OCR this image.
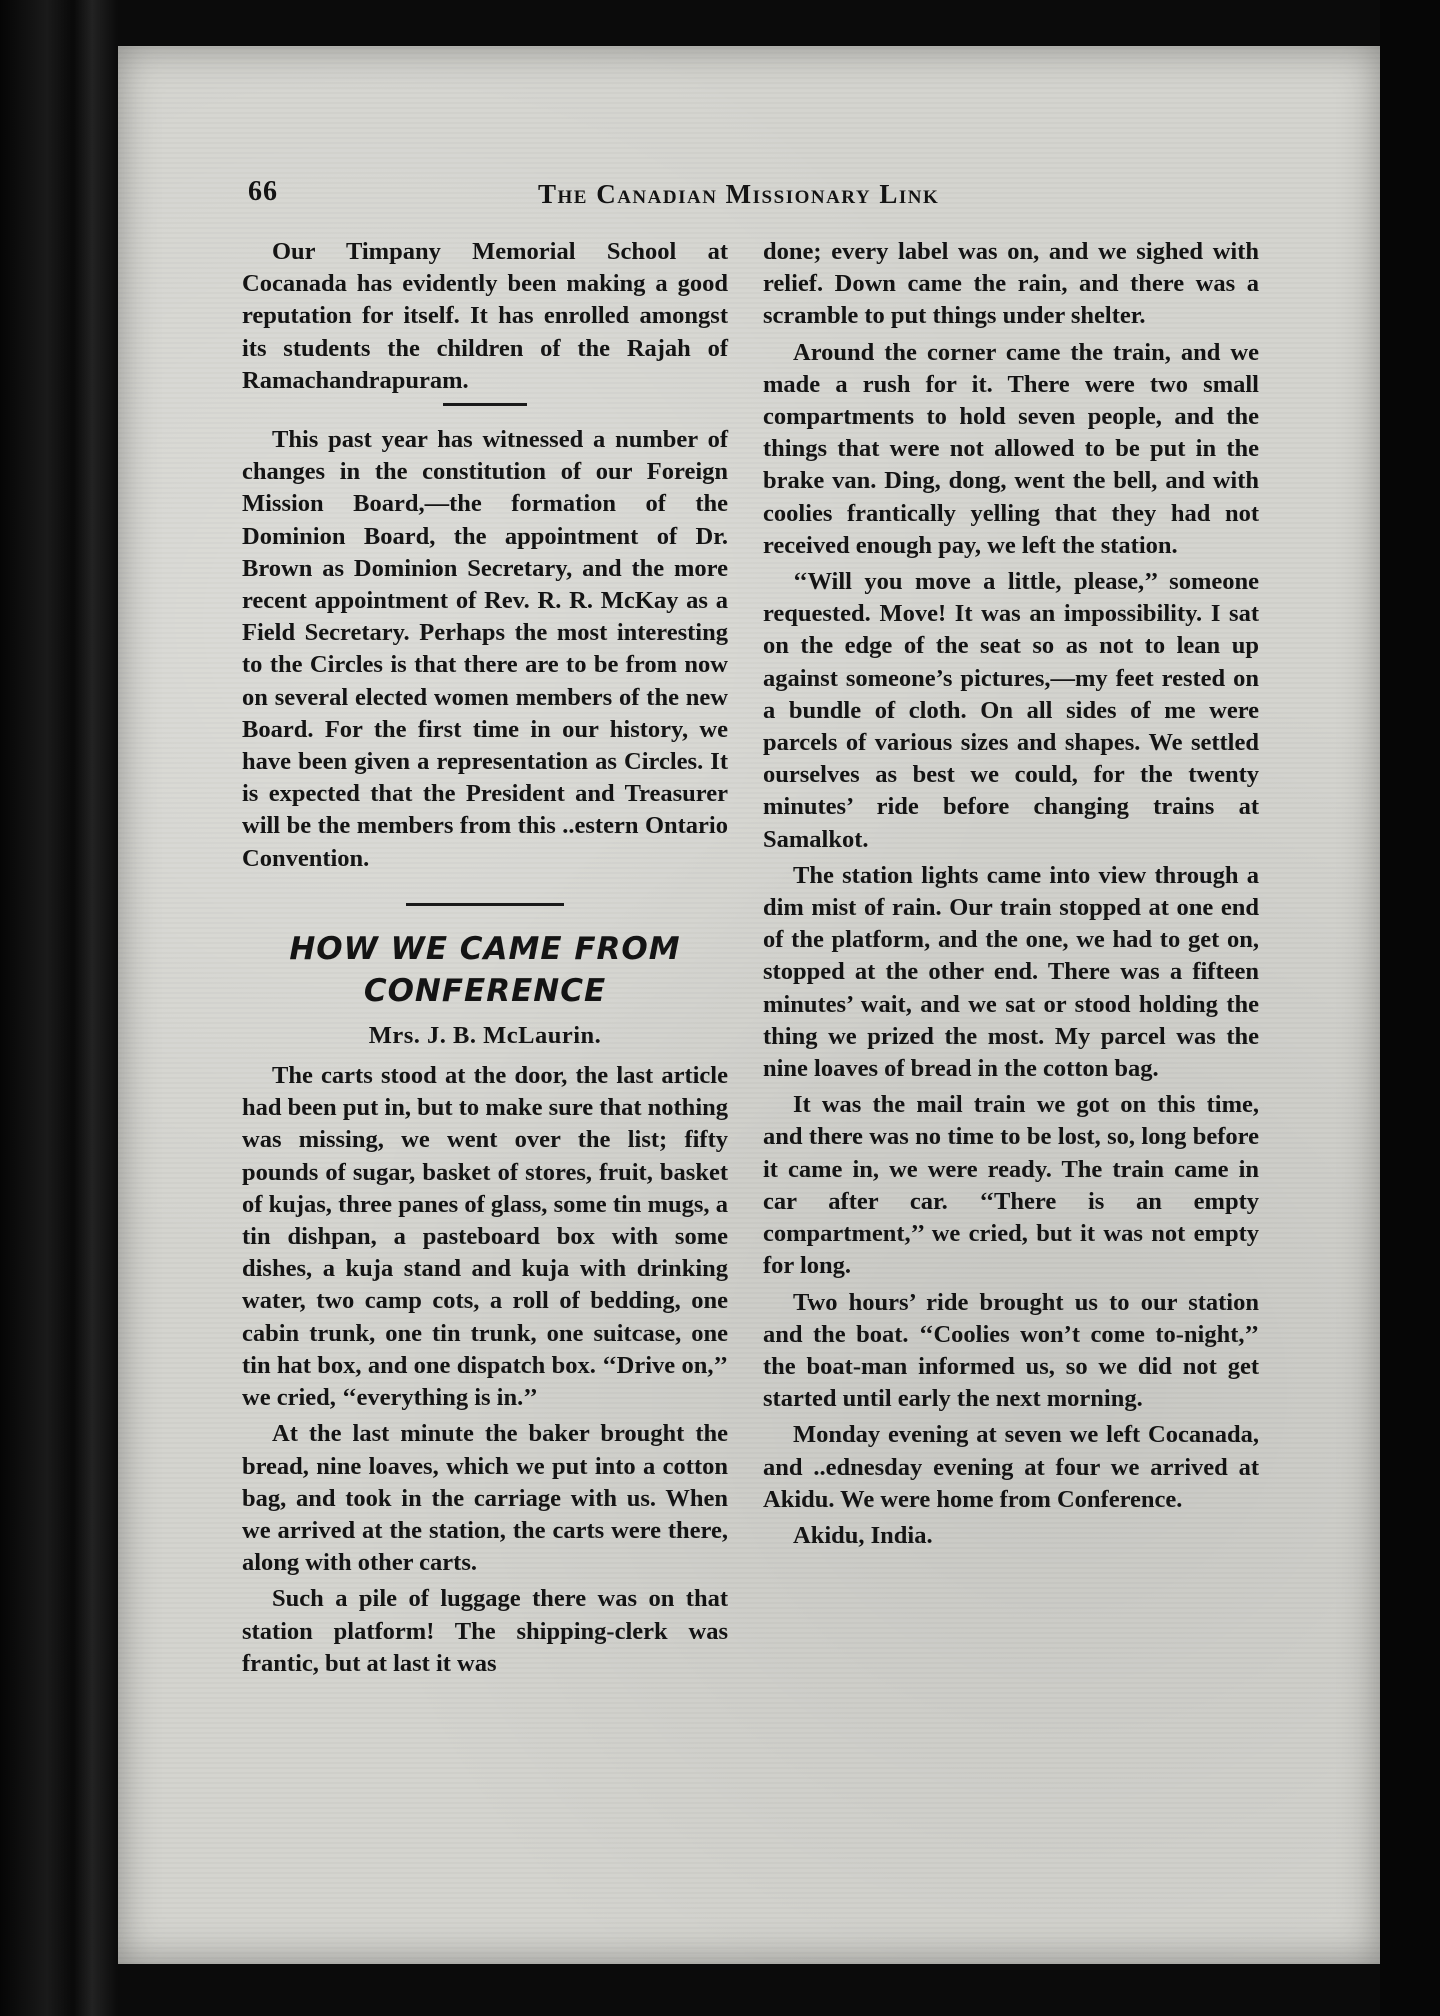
66	The Canadian Missionary Link

Our Timpany Memorial School at Cocanada has evidently been making a good reputation for itself. It has enrolled amongst its students the children of the Rajah of Ramachandrapuram.

This past year has witnessed a number of changes in the constitution of our Foreign Mission Board,—the formation of the Dominion Board, the appointment of Dr. Brown as Dominion Secretary, and the more recent appointment of Rev. R. R. McKay as a Field Secretary. Perhaps the most interesting to the Circles is that there are to be from now on several elected women members of the new Board. For the first time in our history, we have been given a representation as Circles. It is expected that the President and Treasurer will be the members from this ..estern Ontario Convention.

HOW WE CAME FROM
CONFERENCE
Mrs. J. B. McLaurin.

The carts stood at the door, the last article had been put in, but to make sure that nothing was missing, we went over the list; fifty pounds of sugar, basket of stores, fruit, basket of kujas, three panes of glass, some tin mugs, a tin dishpan, a pasteboard box with some dishes, a kuja stand and kuja with drinking water, two camp cots, a roll of bedding, one cabin trunk, one tin trunk, one suitcase, one tin hat box, and one dispatch box. ‘‘Drive on,’’ we cried, ‘‘everything is in.’’

At the last minute the baker brought the bread, nine loaves, which we put into a cotton bag, and took in the carriage with us. When we arrived at the station, the carts were there, along with other carts.

Such a pile of luggage there was on that station platform! The shipping-clerk was frantic, but at last it was

done; every label was on, and we sighed with relief. Down came the rain, and there was a scramble to put things under shelter.

Around the corner came the train, and we made a rush for it. There were two small compartments to hold seven people, and the things that were not allowed to be put in the brake van. Ding, dong, went the bell, and with coolies frantically yelling that they had not received enough pay, we left the station.

‘‘Will you move a little, please,’’ someone requested. Move! It was an impossibility. I sat on the edge of the seat so as not to lean up against someone’s pictures,—my feet rested on a bundle of cloth. On all sides of me were parcels of various sizes and shapes. We settled ourselves as best we could, for the twenty minutes’ ride before changing trains at Samalkot.

The station lights came into view through a dim mist of rain. Our train stopped at one end of the platform, and the one, we had to get on, stopped at the other end. There was a fifteen minutes’ wait, and we sat or stood holding the thing we prized the most. My parcel was the nine loaves of bread in the cotton bag.

It was the mail train we got on this time, and there was no time to be lost, so, long before it came in, we were ready. The train came in car after car. ‘‘There is an empty compartment,’’ we cried, but it was not empty for long.

Two hours’ ride brought us to our station and the boat. ‘‘Coolies won’t come to-night,’’ the boat-man informed us, so we did not get started until early the next morning.

Monday evening at seven we left Cocanada, and ..ednesday evening at four we arrived at Akidu. We were home from Conference.

Akidu, India.
